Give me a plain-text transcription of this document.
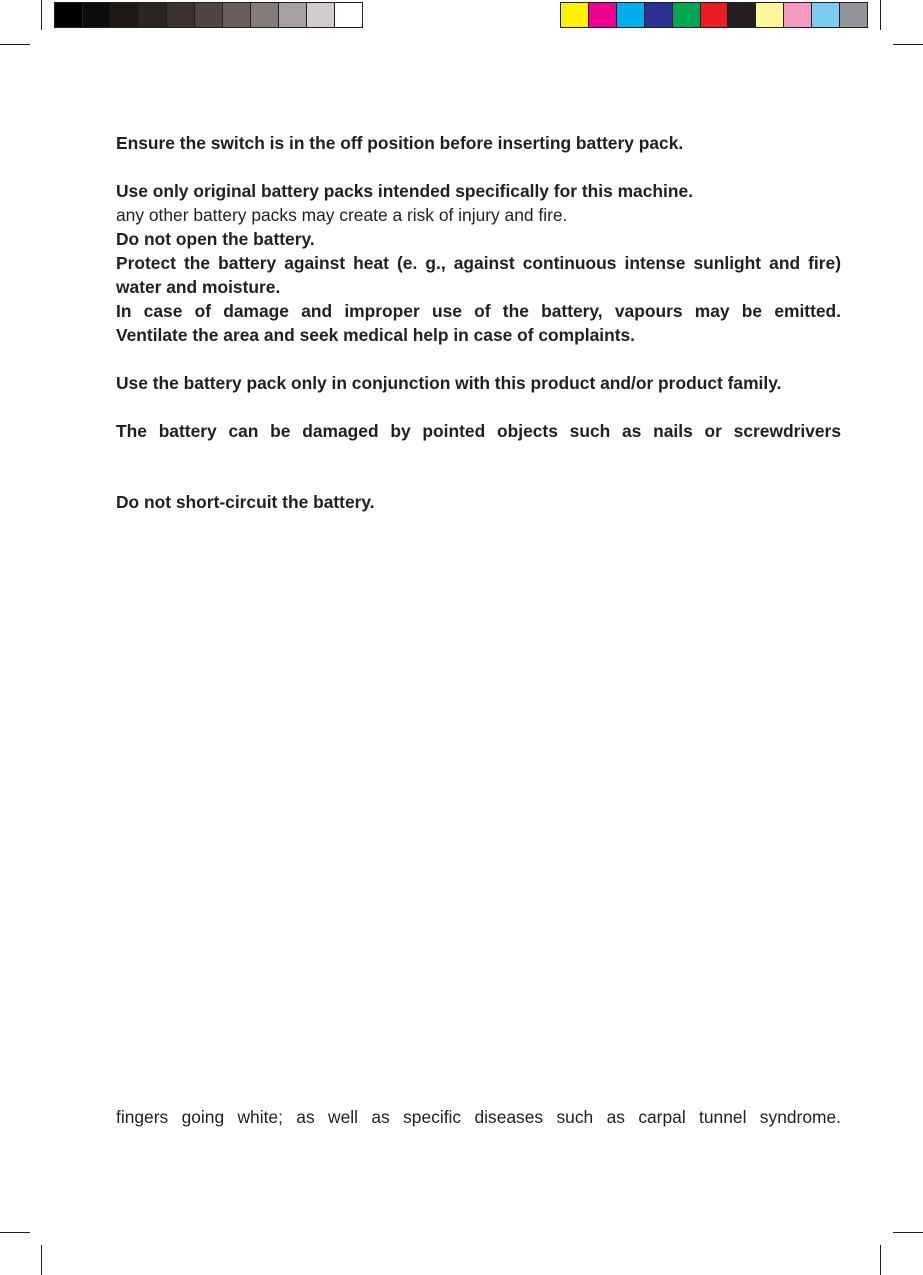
Ensure the switch is in the off position before inserting battery pack.
Use only original battery packs intended specifically for this machine.
any other battery packs may create a risk of injury and fire.
Do not open the battery.
Protect the battery against heat (e. g., against continuous intense sunlight and fire) water and moisture.
In case of damage and improper use of the battery, vapours may be emitted.
Ventilate the area and seek medical help in case of complaints.
Use the battery pack only in conjunction with this product and/or product family.
The battery can be damaged by pointed objects such as nails or screwdrivers
Do not short-circuit the battery.
fingers going white; as well as specific diseases such as carpal tunnel syndrome.
